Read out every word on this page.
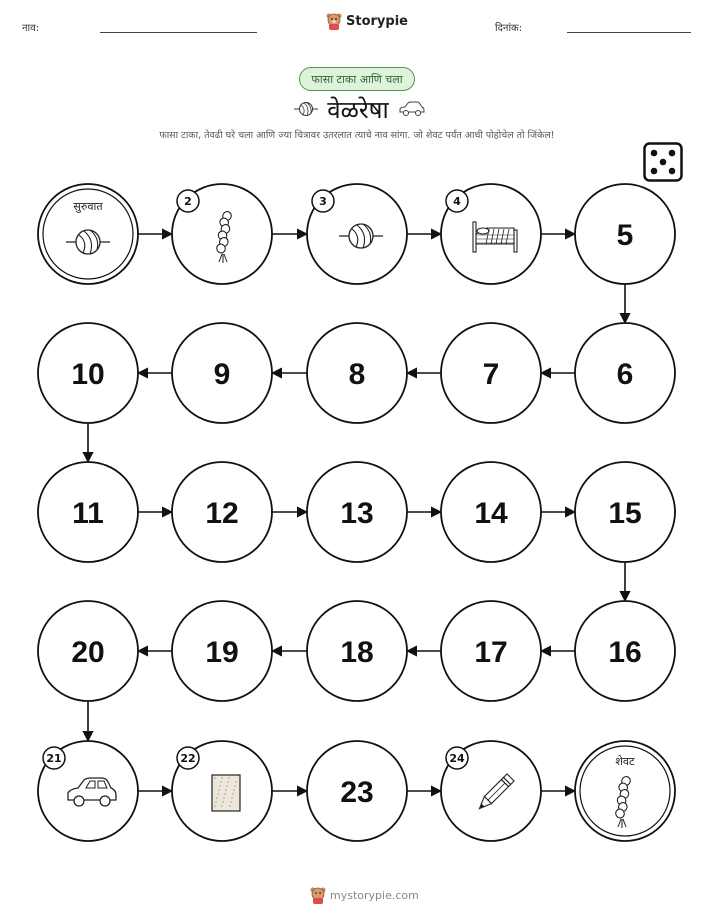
नाव:	Storypie	दिनांक:
फासा टाका आणि चला
वेळरेषा
फासा टाका, तेवढी घरे चला आणि ज्या चित्रावर उतरलात त्याचे नाव सांगा. जो शेवट पर्यंत आधी पोहोचेल तो जिंकेल!
सुरुवात	2	3	4
5
6
7
8
9
10
11	12	13	14	15
16
17
18
19
20
21	22
23
24	शेवट
mystorypie.com
